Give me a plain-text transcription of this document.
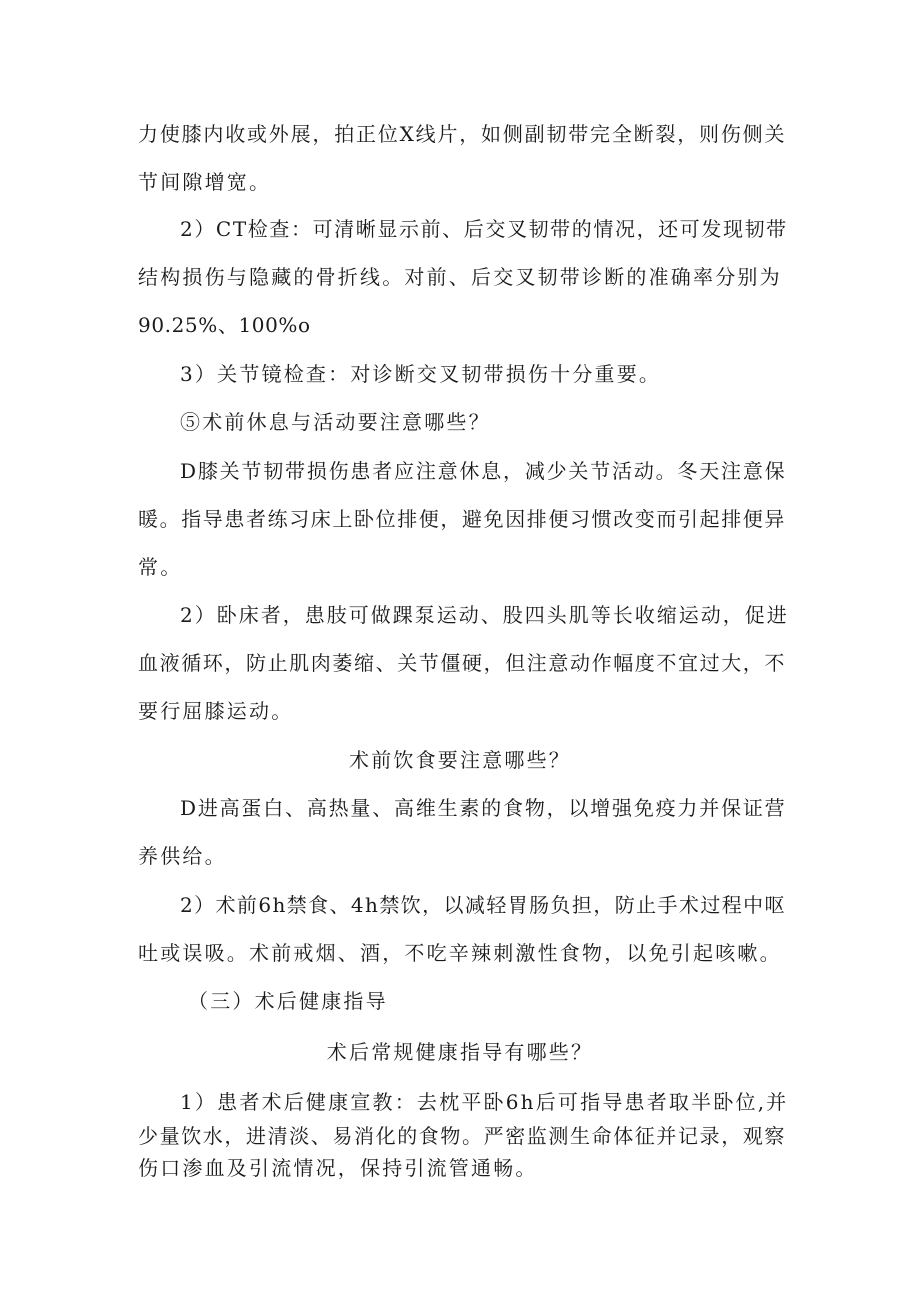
力使膝内收或外展，拍正位X线片，如侧副韧带完全断裂，则伤侧关
节间隙增宽。
2）CT检查：可清晰显示前、后交叉韧带的情况，还可发现韧带
结构损伤与隐藏的骨折线。对前、后交叉韧带诊断的准确率分别为
90.25%、100%o
3）关节镜检查：对诊断交叉韧带损伤十分重要。
⑤术前休息与活动要注意哪些？
D膝关节韧带损伤患者应注意休息，减少关节活动。冬天注意保
暖。指导患者练习床上卧位排便，避免因排便习惯改变而引起排便异
常。
2）卧床者，患肢可做踝泵运动、股四头肌等长收缩运动，促进
血液循环，防止肌肉萎缩、关节僵硬，但注意动作幅度不宜过大，不
要行屈膝运动。
术前饮食要注意哪些？
D进高蛋白、高热量、高维生素的食物，以增强免疫力并保证营
养供给。
2）术前6h禁食、4h禁饮，以减轻胃肠负担，防止手术过程中呕
吐或误吸。术前戒烟、酒，不吃辛辣刺激性食物，以免引起咳嗽。
（三）术后健康指导
术后常规健康指导有哪些？
1）患者术后健康宣教：去枕平卧6h后可指导患者取半卧位,并
少量饮水，进清淡、易消化的食物。严密监测生命体征并记录，观察
伤口渗血及引流情况，保持引流管通畅。
